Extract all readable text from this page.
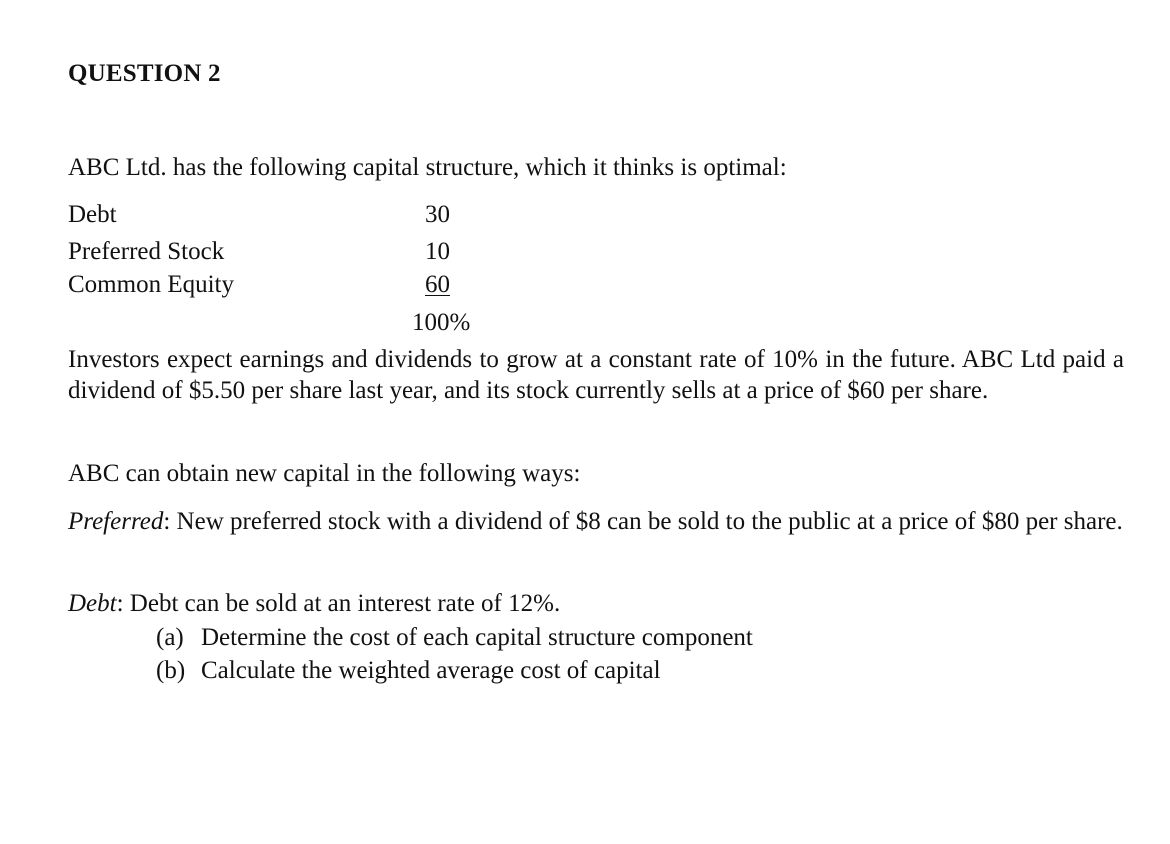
QUESTION 2
ABC Ltd. has the following capital structure, which it thinks is optimal:
Debt	30
Preferred Stock	10
Common Equity	60
100%
Investors expect earnings and dividends to grow at a constant rate of 10% in the future. ABC Ltd paid a dividend of $5.50 per share last year, and its stock currently sells at a price of $60 per share.
ABC can obtain new capital in the following ways:
Preferred: New preferred stock with a dividend of $8 can be sold to the public at a price of $80 per share.
Debt: Debt can be sold at an interest rate of 12%.
(a) Determine the cost of each capital structure component
(b) Calculate the weighted average cost of capital
